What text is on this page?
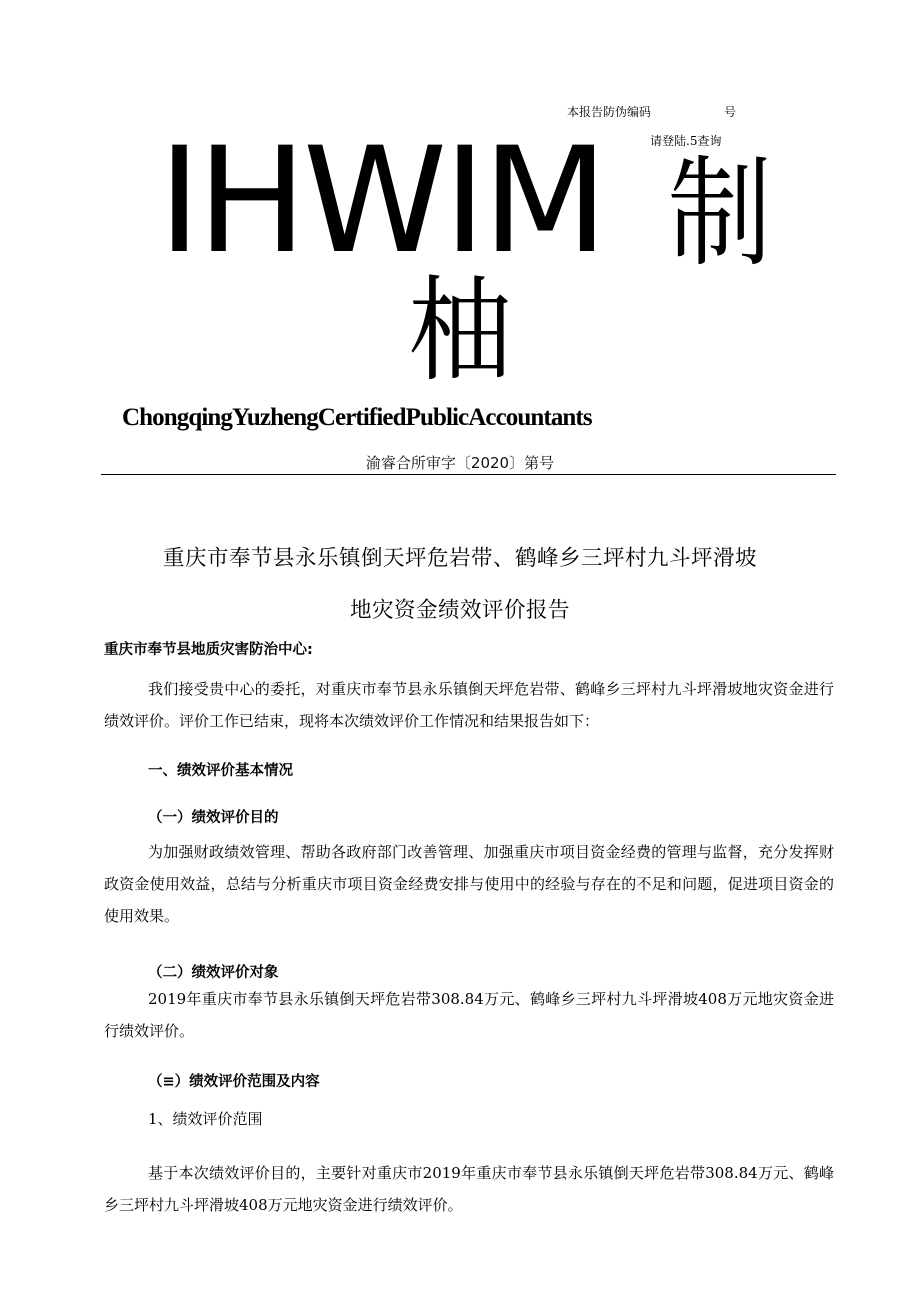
本报告防伪编码	号
请登陆.5查询
IHWIM 制
柚
ChongqingYuzhengCertifiedPublicAccountants
渝睿合所审字〔2020〕第号
重庆市奉节县永乐镇倒天坪危岩带、鹤峰乡三坪村九斗坪滑坡
地灾资金绩效评价报告
重庆市奉节县地质灾害防治中心:
我们接受贵中心的委托，对重庆市奉节县永乐镇倒天坪危岩带、鹤峰乡三坪村九斗坪滑坡地灾资金进行绩效评价。评价工作已结束，现将本次绩效评价工作情况和结果报告如下：
一、绩效评价基本情况
（一）绩效评价目的
为加强财政绩效管理、帮助各政府部门改善管理、加强重庆市项目资金经费的管理与监督，充分发挥财政资金使用效益，总结与分析重庆市项目资金经费安排与使用中的经验与存在的不足和问题，促进项目资金的使用效果。
（二）绩效评价对象
2019年重庆市奉节县永乐镇倒天坪危岩带308.84万元、鹤峰乡三坪村九斗坪滑坡408万元地灾资金进行绩效评价。
（≡）绩效评价范围及内容
1、绩效评价范围
基于本次绩效评价目的，主要针对重庆市2019年重庆市奉节县永乐镇倒天坪危岩带308.84万元、鹤峰乡三坪村九斗坪滑坡408万元地灾资金进行绩效评价。
